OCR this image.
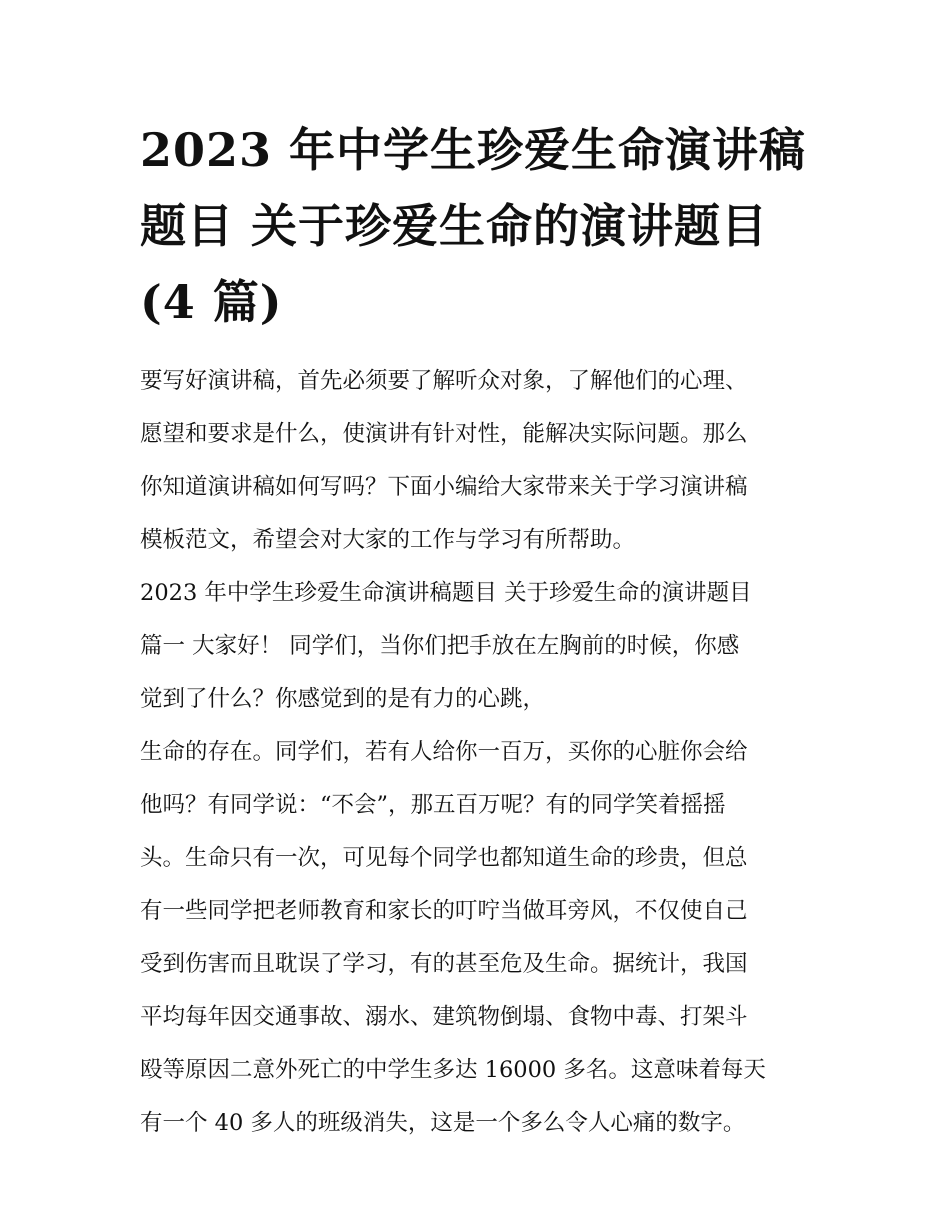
2023 年中学生珍爱生命演讲稿
题目 关于珍爱生命的演讲题目
(4 篇)
要写好演讲稿，首先必须要了解听众对象，了解他们的心理、
愿望和要求是什么，使演讲有针对性，能解决实际问题。那么
你知道演讲稿如何写吗？下面小编给大家带来关于学习演讲稿
模板范文，希望会对大家的工作与学习有所帮助。
2023 年中学生珍爱生命演讲稿题目 关于珍爱生命的演讲题目
篇一 大家好！ 同学们，当你们把手放在左胸前的时候，你感
觉到了什么？你感觉到的是有力的心跳，
生命的存在。同学们，若有人给你一百万，买你的心脏你会给
他吗？有同学说：“不会”，那五百万呢？有的同学笑着摇摇
头。生命只有一次，可见每个同学也都知道生命的珍贵，但总
有一些同学把老师教育和家长的叮咛当做耳旁风，不仅使自己
受到伤害而且耽误了学习，有的甚至危及生命。据统计，我国
平均每年因交通事故、溺水、建筑物倒塌、食物中毒、打架斗
殴等原因二意外死亡的中学生多达 16000 多名。这意味着每天
有一个 40 多人的班级消失，这是一个多么令人心痛的数字。
